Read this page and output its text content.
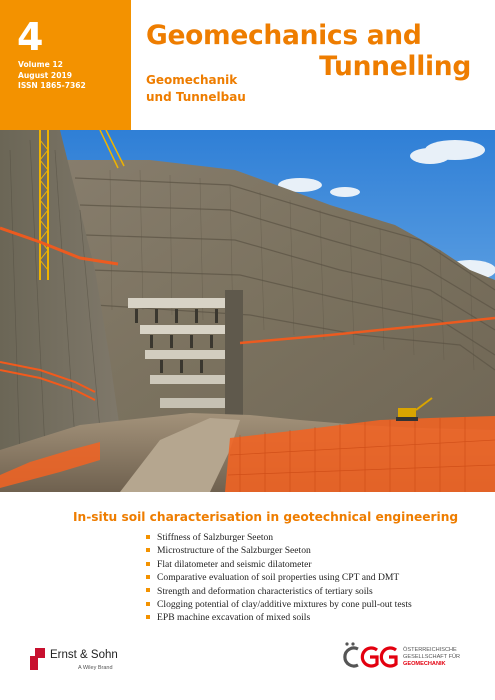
4
Volume 12
August 2019
ISSN 1865-7362
Geomechanics and
Tunnelling
Geomechanik
und Tunnelbau
In-situ soil characterisation in geotechnical engineering
Stiffness of Salzburger Seeton
Microstructure of the Salzburger Seeton
Flat dilatometer and seismic dilatometer
Comparative evaluation of soil properties using CPT and DMT
Strength and deformation characteristics of tertiary soils
Clogging potential of clay/additive mixtures by cone pull-out tests
EPB machine excavation of mixed soils
Ernst & Sohn
A Wiley Brand
ÖSTERREICHISCHE
GESELLSCHAFT FÜR
GEOMECHANIK
